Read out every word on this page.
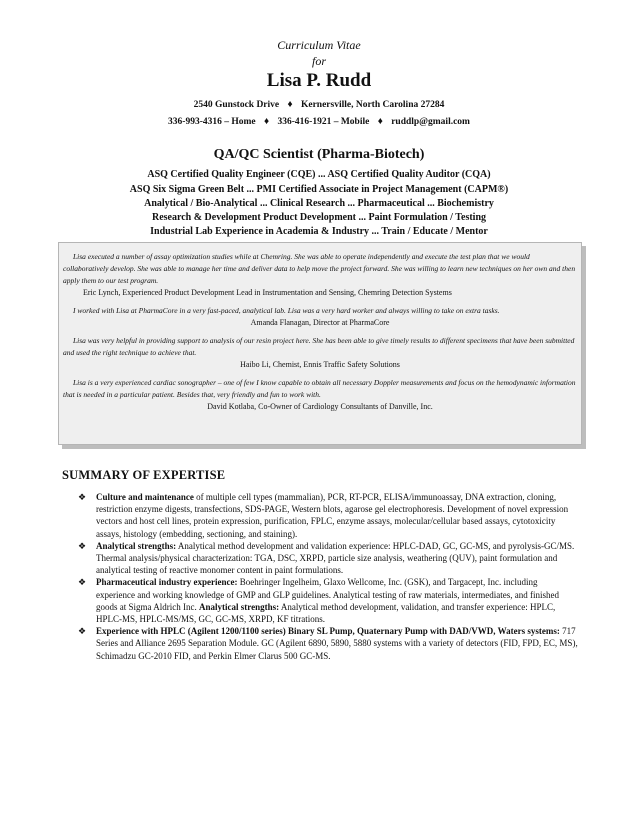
Curriculum Vitae
for
Lisa P. Rudd
2540 Gunstock Drive ♦ Kernersville, North Carolina 27284
336-993-4316 – Home ♦ 336-416-1921 – Mobile ♦ ruddlp@gmail.com
QA/QC Scientist (Pharma-Biotech)
ASQ Certified Quality Engineer (CQE) ... ASQ Certified Quality Auditor (CQA)
ASQ Six Sigma Green Belt ... PMI Certified Associate in Project Management (CAPM®)
Analytical / Bio-Analytical ... Clinical Research ... Pharmaceutical ... Biochemistry
Research & Development Product Development ... Paint Formulation / Testing
Industrial Lab Experience in Academia & Industry ... Train / Educate / Mentor

Lisa executed a number of assay optimization studies while at Chemring. She was able to operate independently and execute the test plan that we would collaboratively develop. She was able to manage her time and deliver data to help move the project forward. She was willing to learn new techniques on her own and then apply them to our test program.

Eric Lynch, Experienced Product Development Lead in Instrumentation and Sensing, Chemring Detection Systems

I worked with Lisa at PharmaCore in a very fast-paced, analytical lab. Lisa was a very hard worker and always willing to take on extra tasks.

Amanda Flanagan, Director at PharmaCore

Lisa was very helpful in providing support to analysis of our resin project here. She has been able to give timely results to different specimens that have been submitted and used the right technique to achieve that.

Haibo Li, Chemist, Ennis Traffic Safety Solutions

Lisa is a very experienced cardiac sonographer – one of few I know capable to obtain all necessary Doppler measurements and focus on the hemodynamic information that is needed in a particular patient. Besides that, very friendly and fun to work with.

David Kotlaba, Co-Owner of Cardiology Consultants of Danville, Inc.

SUMMARY OF EXPERTISE
❖ Culture and maintenance of multiple cell types (mammalian), PCR, RT-PCR, ELISA/immunoassay, DNA extraction, cloning, restriction enzyme digests, transfections, SDS-PAGE, Western blots, agarose gel electrophoresis. Development of novel expression vectors and host cell lines, protein expression, purification, FPLC, enzyme assays, molecular/cellular based assays, cytotoxicity assays, histology (embedding, sectioning, and staining).
❖ Analytical strengths: Analytical method development and validation experience: HPLC-DAD, GC, GC-MS, and pyrolysis-GC/MS. Thermal analysis/physical characterization: TGA, DSC, XRPD, particle size analysis, weathering (QUV), paint formulation and analytical testing of reactive monomer content in paint formulations.
❖ Pharmaceutical industry experience: Boehringer Ingelheim, Glaxo Wellcome, Inc. (GSK), and Targacept, Inc. including experience and working knowledge of GMP and GLP guidelines. Analytical testing of raw materials, intermediates, and finished goods at Sigma Aldrich Inc. Analytical strengths: Analytical method development, validation, and transfer experience: HPLC, HPLC-MS, HPLC-MS/MS, GC, GC-MS, XRPD, KF titrations.
❖ Experience with HPLC (Agilent 1200/1100 series) Binary SL Pump, Quaternary Pump with DAD/VWD, Waters systems: 717 Series and Alliance 2695 Separation Module. GC (Agilent 6890, 5890, 5880 systems with a variety of detectors (FID, FPD, EC, MS), Schimadzu GC-2010 FID, and Perkin Elmer Clarus 500 GC-MS.
